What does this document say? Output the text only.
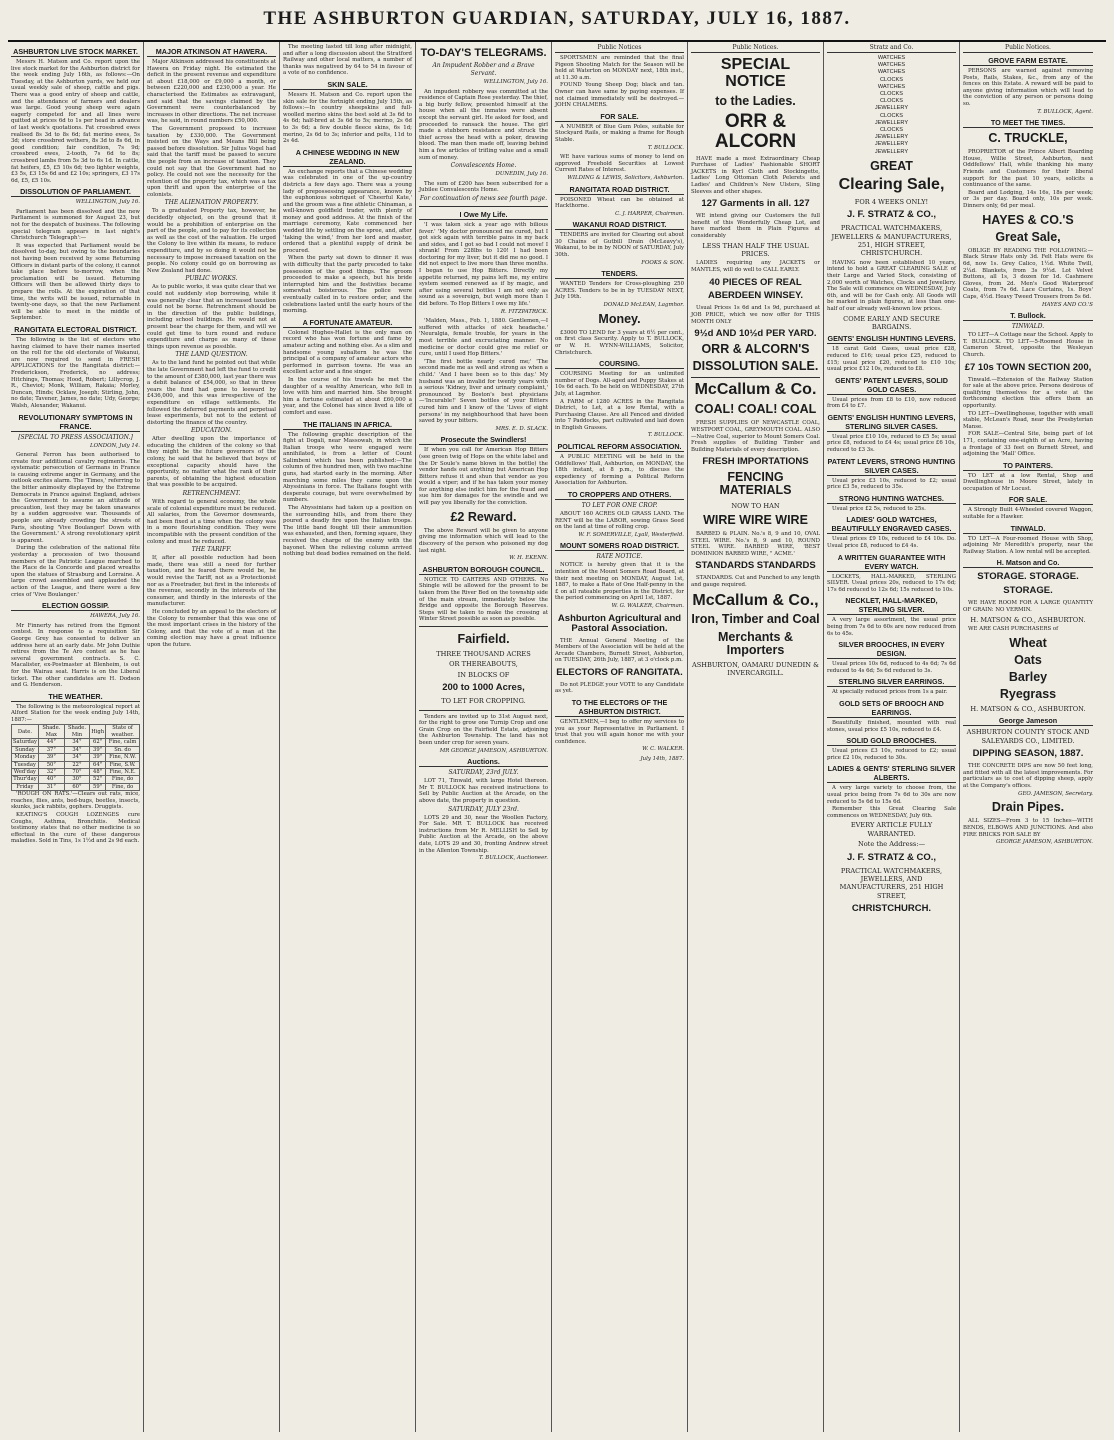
THE ASHBURTON GUARDIAN, SATURDAY, JULY 16, 1887.
ASHBURTON LIVE STOCK MARKET.

Messrs H. Matson and Co. report upon the live stock market for the Ashburton district for the week ending July 16th, as follows:—On Tuesday, at the Ashburton yards, we held our usual weekly sale of sheep, cattle and pigs. There was a good entry of sheep and cattle, and the attendance of farmers and dealers was large. Good young sheep were again eagerly competed for and all lines were quitted at prices 6d to 1s per head in advance of last week's quotations. Fat crossbred ewes realised 8s 3d to 8s 6d; fat merino ewes, 5s 3d; store crossbred wethers, 8s 3d to 8s 6d, in good condition; fair condition, 7s 9d; crossbred ewes, 2-tooth, 7s 6d to 8s; crossbred lambs from 5s 3d to 6s 1d. In cattle, fat heifers, £5, £5 10s 6d; two lighter weights, £3 5s, £3 15s 6d and £2 10s; springers, £3 17s 6d, £5, £5 10s.

DISSOLUTION OF PARLIAMENT.
WELLINGTON, July 16.

Parliament has been dissolved and the new Parliament is summoned for August 23, but not for the despatch of business. The following special telegram appears in last night's Christchurch 'Telegraph':—

It was expected that Parliament would be dissolved to-day, but owing to the boundaries not having been received by some Returning Officers in distant parts of the colony, it cannot take place before to-morrow, when the proclamation will be issued. Returning Officers will then be allowed thirty days to prepare the rolls. At the expiration of that time, the writs will be issued, returnable in twenty-one days, so that the new Parliament will be able to meet in the middle of September.

RANGITATA ELECTORAL DISTRICT.

The following is the list of electors who having claimed to have their names inserted on the roll for the old electorate of Wakanui, are now required to send in FRESH APPLICATIONS for the Rangitata district:—Frederickson, Frederick, no address; Hitchings, Thomas; Hood, Robert; Lillycrop, J. R., Cheviot; Monk, William, Rakaia; Morley, Duncan, Hinds; Ocklaw, Joseph; Stirling, John, no date; Tavener, James, no date; Udy, George; Walsh, Alexander, Wakanui.

REVOLUTIONARY SYMPTOMS IN FRANCE.
[SPECIAL TO PRESS ASSOCIATION.]
LONDON, July 14.

General Ferron has been authorised to create four additional cavalry regiments. The systematic persecution of Germans in France is causing extreme anger in Germany, and the outlook excites alarm. The 'Times,' referring to the bitter animosity displayed by the Extreme Democrats in France against England, advises the Government to assume an attitude of precaution, lest they may be taken unawares by a sudden aggressive war. Thousands of people are already crowding the streets of Paris, shouting 'Vive Boulanger! Down with the Government.' A strong revolutionary spirit is apparent.

During the celebration of the national fête yesterday a procession of two thousand members of the Patriotic League marched to the Place de la Concorde and placed wreaths upon the statues of Strasburg and Lorraine. A large crowd assembled and applauded the action of the League, and there were a few cries of 'Vive Boulanger.'

ELECTION GOSSIP.
HAWERA, July 16.

Mr Finnerty has retired from the Egmont contest. In response to a requisition Sir George Grey has consented to deliver an address here at an early date. Mr John Duthie retires from the Te Aro contest as he has several government contracts. S. C. Macalister, ex-Postmaster at Blenheim, is out for the Wairau seat. Harris is on the Liberal ticket. The other candidates are H. Dodson and G. Henderson.

THE WEATHER.

The following is the meteorological report at Alford Station for the week ending July 14th, 1887:—

Date.	Shade. Max	Shade. Min	High	State of weather.
Saturday	44°	34°	62°	Fine, calm
Sunday	37°	34°	39°	Sn. do
Monday	39°	34°	39°	Fine, N.W.
Tuesday	50°	22°	64°	Fine, S.W.
Wed'day	32°	70°	48°	Fine, N.E.
Thur'day	40°	30°	52°	Fine, do
Friday	31°	60°	59°	Fine, do

'ROUGH ON RATS.'—Clears out rats, mice, roaches, flies, ants, bed-bugs, beetles, insects, skunks, jack rabbits, gophers. Druggists.

KEATING'S COUGH LOZENGES cure Coughs, Asthma, Bronchitis. Medical testimony states that no other medicine is so effectual in the cure of these dangerous maladies. Sold in Tins, 1s 1½d and 2s 9d each.

MAJOR ATKINSON AT HAWERA.

Major Atkinson addressed his constituents at Hawera on Friday night. He estimated the deficit in the present revenue and expenditure at about £18,000 or £9,000 a month, or between £220,000 and £230,000 a year. He characterised the Estimates as extravagant, and said that the savings claimed by the Government were counterbalanced by increases in other directions. The net increase was, he said, in round numbers £50,000.

The Government proposed to increase taxation by £330,000. The Government insisted on the Ways and Means Bill being passed before dissolution. Sir Julius Vogel had said that the tariff must be passed to secure the people from an increase of taxation. They could not say that the Government had no policy. He could not see the necessity for the retention of the property tax, which was a tax upon thrift and upon the enterprise of the colonists.

THE ALIENATION PROPERTY.

To a graduated Property tax, however, he decidedly objected, on the ground that it would be a prohibition of enterprise on the part of the people, and to pay for its collection as well as the cost of the valuation. He urged the Colony to live within its means, to reduce expenditure, and by so doing it would not be necessary to impose increased taxation on the people. No colony could go on borrowing as New Zealand had done.

PUBLIC WORKS.

As to public works, it was quite clear that we could not suddenly stop borrowing, while it was generally clear that an increased taxation could not be borne. Retrenchment should be in the direction of the public buildings, including school buildings. He would not at present bear the charge for them, and will we could get time to turn round and reduce expenditure and charge as many of these things upon revenue as possible.

THE LAND QUESTION.

As to the land fund he pointed out that while the late Government had left the fund to credit to the amount of £380,000, last year there was a debit balance of £54,000, so that in three years the fund had gone to leeward by £436,000, and this was irrespective of the expenditure on village settlements. He followed the deferred payments and perpetual lease experiments, but not to the extent of distorting the finance of the country.

EDUCATION.

After dwelling upon the importance of educating the children of the colony so that they might be the future governors of the colony, he said that he believed that boys of exceptional capacity should have the opportunity, no matter what the rank of their parents, of obtaining the highest education that was possible to be acquired.

RETRENCHMENT.

With regard to general economy, the whole scale of colonial expenditure must be reduced. All salaries, from the Governor downwards, had been fixed at a time when the colony was in a more flourishing condition. They were incompatible with the present condition of the colony and must be reduced.

THE TARIFF.

If, after all possible reduction had been made, there was still a need for further taxation, and he feared there would be, he would revise the Tariff, not as a Protectionist nor as a Freetrader, but first in the interests of the revenue, secondly in the interests of the consumer, and thirdly in the interests of the manufacturer.

He concluded by an appeal to the electors of the Colony to remember that this was one of the most important crises in the history of the Colony, and that the vote of a man at the coming election may have a great influence upon the future.

The meeting lasted till long after midnight, and after a long discussion about the Stratford Railway and other local matters, a number of thanks was negatived by 64 to 54 in favour of a vote of no confidence.

SKIN SALE.

Messrs H. Matson and Co. report upon the skin sale for the fortnight ending July 15th, as follows:—In country sheepskins and full-woolled merino skins the best sold at 3s 6d to 4s 6d; half-bred at 3s 6d to 5s; merino, 2s 6d to 3s 6d; a few double fleece skins, 6s 1d; merino, 2s 6d to 3s; inferior and pelts, 11d to 2s 4d.

A CHINESE WEDDING IN NEW ZEALAND.

An exchange reports that a Chinese wedding was celebrated in one of the up-country districts a few days ago. There was a young lady of prepossessing appearance, known by the euphonious sobriquet of 'Cheerful Kate,' and the groom was a fine athletic Chinaman, a well-known goldfield trader, with plenty of money and good address. At the finish of the marriage ceremony, Kate commenced her wedded life by settling on the spree, and, after 'taking the wind,' from her lord and master, ordered that a plentiful supply of drink be procured.

When the party sat down to dinner it was with difficulty that the party preceded to take possession of the good things. The groom proceeded to make a speech, but his bride interrupted him and the festivities became somewhat boisterous. The police were eventually called in to restore order, and the celebrations lasted until the early hours of the morning.

A FORTUNATE AMATEUR.

Colonel Hughes-Hallet is the only man on record who has won fortune and fame by amateur acting and nothing else. As a slim and handsome young subaltern he was the principal of a company of amateur actors who performed in garrison towns. He was an excellent actor and a fine singer.

In the course of his travels he met the daughter of a wealthy American, who fell in love with him and married him. She brought him a fortune estimated at about £60,000 a year, and the Colonel has since lived a life of comfort and ease.

THE ITALIANS IN AFRICA.

The following graphic description of the fight at Dogali, near Massowah, in which the Italian troops who were engaged were annihilated, is from a letter of Count Salimbeni which has been published:—The column of five hundred men, with two machine guns, had started early in the morning. After marching some miles they came upon the Abyssinians in force. The Italians fought with desperate courage, but were overwhelmed by numbers.

The Abyssinians had taken up a position on the surrounding hills, and from there they poured a deadly fire upon the Italian troops. The little band fought till their ammunition was exhausted, and then, forming square, they received the charge of the enemy with the bayonet. When the relieving column arrived nothing but dead bodies remained on the field.

TO-DAY'S TELEGRAMS.
An Impudent Robber and a Brave Servant.
WELLINGTON, July 16.

An impudent robbery was committed at the residence of Captain Rose yesterday. The thief, a big burly fellow, presented himself at the house when all the inmates were absent except the servant girl. He asked for food, and proceeded to ransack the house. The girl made a stubborn resistance and struck the thief across the head with a poker, drawing blood. The man then made off, leaving behind him a few articles of trifling value and a small sum of money.

Convalescents Home.
DUNEDIN, July 16.

The sum of £200 has been subscribed for a Jubilee Convalescents Home.

For continuation of news see fourth page.
I Owe My Life.

'I was taken sick a year ago with bilious fever.' 'My doctor pronounced me cured, but I got sick again with terrible pains in my back and sides, and I got so bad I could not move! I shrank! From 228lbs to 120! I had been doctoring for my liver, but it did me no good. I did not expect to live more than three months. I began to use Hop Bitters. Directly my appetite returned, my pains left me, my entire system seemed renewed as if by magic, and after using several bottles I am not only as sound as a sovereign, but weigh more than I did before. To Hop Bitters I owe my life.'

R. FITZPATRICK.

'Malden, Mass., Feb. 1, 1880. Gentlemen,—I suffered with attacks of sick headache.' 'Neuralgia, female trouble, for years in the most terrible and excruciating manner. No medicine or doctor could give me relief or cure, until I used Hop Bitters.'

'The first bottle nearly cured me;' 'The second made me as well and strong as when a child.' 'And I have been so to this day.' My husband was an invalid for twenty years with a serious 'Kidney, liver and urinary complaint,' pronounced by Boston's best physicians—'Incurable!' Seven bottles of your Bitters cured him and I know of the 'Lives of eight persons' in my neighbourhood that have been saved by your bitters.

MRS. E. D. SLACK.
Prosecute the Swindlers!

If when you call for American Hop Bitters (see green twig of Hops on the white label and the Dr Soule's name blown in the bottle) the vendor hands out anything but American Hop Bitters refuse it and shun that vendor as you would a viper; and if he has taken your money for anything else indict him for the fraud and sue him for damages for the swindle and we will pay you liberally for the conviction.

£2 Reward.

The above Reward will be given to anyone giving me information which will lead to the discovery of the person who poisoned my dog last night.

W. H. EKENN.
ASHBURTON BOROUGH COUNCIL.

NOTICE TO CARTERS AND OTHERS. No Shingle will be allowed for the present to be taken from the River Bed on the township side of the main stream, immediately below the Bridge and opposite the Borough Reserves. Steps will be taken to make the crossing at Winter Street possible as soon as possible.

Fairfield.
THREE THOUSAND ACRES
OR THEREABOUTS,
IN BLOCKS OF
200 to 1000 Acres,
TO LET FOR CROPPING.

Tenders are invited up to 31st August next, for the right to grow one Turnip Crop and one Grain Crop on the Fairfield Estate, adjoining the Ashburton Township. The land has not been under crop for seven years.

MR GEORGE JAMESON, ASHBURTON.
Auctions.
SATURDAY, 23rd JULY.

LOT 71, Tinwald, with large Hotel thereon. Mr T. BULLOCK has received instructions to Sell by Public Auction at the Arcade, on the above date, the property in question.

SATURDAY, JULY 23rd.

LOTS 29 and 30, near the Woollen Factory, For Sale. MR T. BULLOCK has received instructions from Mr R. MELLISH to Sell by Public Auction at the Arcade, on the above date, LOTS 29 and 30, fronting Andrew street in the Allenton Township.

T. BULLOCK, Auctioneer.
Public Notices

SPORTSMEN are reminded that the final Pigeon Shooting Match for the Season will be held at Waterton on MONDAY next, 18th inst., at 11.30 a.m.

FOUND Young Sheep Dog; black and tan. Owner can have same by paying expenses. If not claimed immediately will be destroyed.—JOHN CHALMERS.

FOR SALE.

A NUMBER of Blue Gum Poles, suitable for Stockyard Rails, or making a frame for Rough Stable.

T. BULLOCK.

WE have various sums of money to lend on approved Freehold Securities at Lowest Current Rates of Interest.

WILDING & LEWIS, Solicitors, Ashburton.
RANGITATA ROAD DISTRICT.

POISONED Wheat can be obtained at Hackthorne.

C. J. HARPER, Chairman.
WAKANUI ROAD DISTRICT.

TENDERS are invited for Clearing out about 30 Chains of Gutbill Drain (McLeavy's), Wakanui, to be in by NOON of SATURDAY, July 30th.

FOOKS & SON.
TENDERS.

WANTED Tenders for Cross-ploughing 250 ACRES. Tenders to be in by TUESDAY NEXT, July 19th.

DONALD McLEAN, Lagmhor.
Money.

£3000 TO LEND for 3 years at 6½ per cent., on first class Security. Apply to T. BULLOCK, or W. H. WYNN-WILLIAMS, Solicitor, Christchurch.

COURSING.

COURSING Meeting for an unlimited number of Dogs. All-aged and Puppy Stakes at 10s 6d each. To be held on WEDNESDAY, 27th July, at Lagmhor.

A FARM of 1280 ACRES in the Rangitata District, to Let, at a low Rental, with a Purchasing Clause. Are all Fenced and divided into 7 Paddocks, part cultivated and laid down in English Grasses.

T. BULLOCK.
POLITICAL REFORM ASSOCIATION.

A PUBLIC MEETING will be held in the Oddfellows' Hall, Ashburton, on MONDAY, the 18th instant, at 8 p.m., to discuss the expediency of forming a Political Reform Association for Ashburton.

TO CROPPERS AND OTHERS.
TO LET FOR ONE CROP.

ABOUT 160 ACRES OLD GRASS LAND. The RENT will be the LABOR, sowing Grass Seed on the land at time of rolling crop.

W. F. SOMERVILLE, Lyall, Westerfield.
MOUNT SOMERS ROAD DISTRICT.
RATE NOTICE.

NOTICE is hereby given that it is the intention of the Mount Somers Road Board, at their next meeting on MONDAY, August 1st, 1887, to make a Rate of One Half-penny in the £ on all rateable properties in the District, for the period commencing on April 1st, 1887.

W. G. WALKER, Chairman.
Ashburton Agricultural and Pastoral Association.

THE Annual General Meeting of the Members of the Association will be held at the Arcade Chambers, Burnett Street, Ashburton, on TUESDAY, 26th July, 1887, at 3 o'clock p.m.

ELECTORS OF RANGITATA.

Do not PLEDGE your VOTE to any Candidate as yet.

TO THE ELECTORS OF THE ASHBURTON DISTRICT.

GENTLEMEN,—I beg to offer my services to you as your Representative in Parliament. I trust that you will again honor me with your confidence.

W. C. WALKER.
July 14th, 1887.
Public Notices.
SPECIAL NOTICE
to the Ladies.
ORR & ALCORN

HAVE made a most Extraordinary Cheap Purchase of Ladies' Fashionable SHORT JACKETS in Kyrl Cloth and Stockingette, Ladies' Long Ottoman Cloth Pelerets and Ladies' and Children's New Ulsters, Sling Sleeves and other shapes.

127 Garments in all. 127

WE intend giving our Customers the full benefit of this Wonderfully Cheap Lot, and have marked them in Plain Figures at considerably

LESS THAN HALF THE USUAL PRICES.

LADIES requiring any JACKETS or MANTLES, will do well to CALL EARLY.

40 PIECES OF REAL
ABERDEEN WINSEY.

Usual Prices 1s 6d and 1s 9d, purchased at JOB PRICE, which we now offer for THIS MONTH ONLY

9½d AND 10½d PER YARD.
ORR & ALCORN'S
DISSOLUTION SALE.
McCallum & Co.
COAL! COAL! COAL

FRESH SUPPLIES OF NEWCASTLE COAL, WESTPORT COAL, GREYMOUTH COAL. ALSO—Native Coal, superior to Mount Somers Coal. Fresh supplies of Building Timber and Building Materials of every description.

FRESH IMPORTATIONS
FENCING MATERIALS
NOW TO HAN
WIRE WIRE WIRE

BARBED & PLAIN. No.'s 8, 9 and 10, OVAL STEEL WIRE. No.'s 8, 9 and 10, ROUND STEEL WIRE. BARBED WIRE, 'BEST DOMINION BARBED WIRE, " ACME.'

STANDARDS STANDARDS

STANDARDS. Cut and Punched to any length and gauge required.

McCallum & Co.,
Iron, Timber and Coal
Merchants & Importers
ASHBURTON, OAMARU DUNEDIN & INVERCARGILL.
Stratz and Co.
WATCHES
WATCHES
WATCHES
CLOCKS
WATCHES
CLOCKS
CLOCKS
JEWELLERY
CLOCKS
JEWELLERY
CLOCKS
JEWELLERY
JEWELLERY
JEWELLERY
GREAT
Clearing Sale,
FOR 4 WEEKS ONLY!
J. F. STRATZ & CO.,
PRACTICAL WATCHMAKERS, JEWELLERS & MANUFACTURERS, 251, HIGH STREET, CHRISTCHURCH.

HAVING now been established 10 years, intend to hold a GREAT CLEARING SALE of their Large and Varied Stock, consisting of 2,000 worth of Watches, Clocks and Jewellery. The Sale will commence on WEDNESDAY, July 6th, and will be for Cash only. All Goods will be marked in plain figures, at less than one-half of our already well-known low prices.

COME EARLY AND SECURE BARGAINS.
GENTS' ENGLISH HUNTING LEVERS.

18 carat Gold Cases, usual price £28, reduced to £16; usual price £25, reduced to £15; usual price £20, reduced to £10 10s; usual price £12 10s, reduced to £8.

GENTS' PATENT LEVERS, SOLID GOLD CASES.

Usual prices from £8 to £10, now reduced from £4 to £7.

GENTS' ENGLISH HUNTING LEVERS, STERLING SILVER CASES.

Usual price £10 10s, reduced to £5 5s; usual price £8, reduced to £4 4s; usual price £6 10s, reduced to £3 3s.

PATENT LEVERS, STRONG HUNTING SILVER CASES.

Usual price £3 10s, reduced to £2; usual price £3 5s, reduced to 35s.

STRONG HUNTING WATCHES.

Usual price £2 5s, reduced to 25s.

LADIES' GOLD WATCHES, BEAUTIFULLY ENGRAVED CASES.

Usual prices £9 10s, reduced to £4 10s. Do. Usual price £8, reduced to £4 4s.

A WRITTEN GUARANTEE WITH EVERY WATCH.

LOCKETS, HALL-MARKED, STERLING SILVER. Usual prices 20s, reduced to 17s 6d; 17s 6d reduced to 12s 6d; 15s reduced to 10s.

NECKLET, HALL-MARKED, STERLING SILVER.

A very large assortment, the usual price being from 7s 6d to 60s are now reduced from 6s to 45s.

SILVER BROOCHES, IN EVERY DESIGN.

Usual prices 10s 6d, reduced to 4s 6d; 7s 6d reduced to 4s 6d; 5s 6d reduced to 3s.

STERLING SILVER EARRINGS.

At specially reduced prices from 1s a pair.

GOLD SETS OF BROOCH AND EARRINGS.

Beautifully finished, mounted with real stones, usual price £5 10s, reduced to £4.

SOLID GOLD BROOCHES.

Usual prices £3 10s, reduced to £2; usual price £2 10s, reduced to 30s.

LADIES & GENTS' STERLING SILVER ALBERTS.

A very large variety to choose from, the usual price being from 7s 6d to 30s are now reduced to 5s 6d to 15s 6d.

Remember this Great Clearing Sale commences on WEDNESDAY, July 6th.

EVERY ARTICLE FULLY WARRANTED.
Note the Address:—
J. F. STRATZ & CO.,
PRACTICAL WATCHMAKERS, JEWELLERS, AND MANUFACTURERS, 251 HIGH STREET,
CHRISTCHURCH.
Public Notices.
GROVE FARM ESTATE.

PERSONS are warned against removing Posts, Rails, Stakes, &c., from any of the fences on this Estate. A reward will be paid to anyone giving information which will lead to the conviction of any person or persons doing so.

T. BULLOCK, Agent.
TO MEET THE TIMES.
C. TRUCKLE,

PROPRIETOR of the Prince Albert Boarding House, Willie Street, Ashburton, next Oddfellows' Hall, while thanking his many Friends and Customers for their liberal support for the past 10 years, solicits a continuance of the same.

Board and Lodging, 14s 16s, 18s per week; or 3s per day. Board only, 10s per week. Dinners only, 6d per meal.

HAYES & CO.'S
Great Sale,

OBLIGE BY READING THE FOLLOWING:—Black Straw Hats only 3d. Felt Hats were 6s 6d, now 1s. Grey Calico, 1½d. White Twill, 2¼d. Blankets, from 3s 9½d. Lot Velvet Buttons, all 1s, 3 dozen for 1d. Cashmere Gloves, from 2d. Men's Good Waterproof Coats, from 7s 6d. Lace Curtains, 1s. Boys' Caps, 4½d. Heavy Tweed Trousers from 5s 6d.

HAYES AND CO.'S
T. Bullock.
TINWALD.

TO LET—A Cottage near the School. Apply to T. BULLOCK. TO LET—5-Roomed House in Cameron Street, opposite the Wesleyan Church.

£7 10s TOWN SECTION 200,

Tinwald.—Extension of the Railway Station for sale at the above price. Persons desirous of qualifying themselves for a vote at the forthcoming election this offers them an opportunity.

TO LET—Dwellinghouse, together with small stable, McLean's Road, near the Presbyterian Manse.

FOR SALE—Central Site, being part of lot 171, containing one-eighth of an Acre, having a frontage of 33 feet on Burnett Street, and adjoining the 'Mall' Office.

TO PAINTERS.

TO LET at a low Rental, Shop and Dwellinghouse in Moore Street, lately in occupation of Mr Locust.

FOR SALE.

A Strongly Built 4-Wheeled covered Waggon, suitable for a Hawker.

TINWALD.

TO LET—A Four-roomed House with Shop, adjoining Mr Meredith's property, near the Railway Station. A low rental will be accepted.

H. Matson and Co.
STORAGE. STORAGE.
STORAGE.

WE HAVE ROOM FOR A LARGE QUANTITY OF GRAIN: NO VERMIN.

H. MATSON & CO., ASHBURTON.

WE ARE CASH PURCHASERS of

Wheat
Oats
Barley
Ryegrass
H. MATSON & CO., ASHBURTON.
George Jameson
ASHBURTON COUNTY STOCK AND SALEYARDS CO., LIMITED.
DIPPING SEASON, 1887.

THE CONCRETE DIPS are now 50 feet long, and fitted with all the latest improvements. For particulars as to cost of dipping sheep, apply at the Company's offices.

GEO. JAMESON, Secretary.
Drain Pipes.

ALL SIZES—From 3 to 15 Inches—WITH BENDS, ELBOWS AND JUNCTIONS. And also FIRE BRICKS FOR SALE BY

GEORGE JAMESON, ASHBURTON.
